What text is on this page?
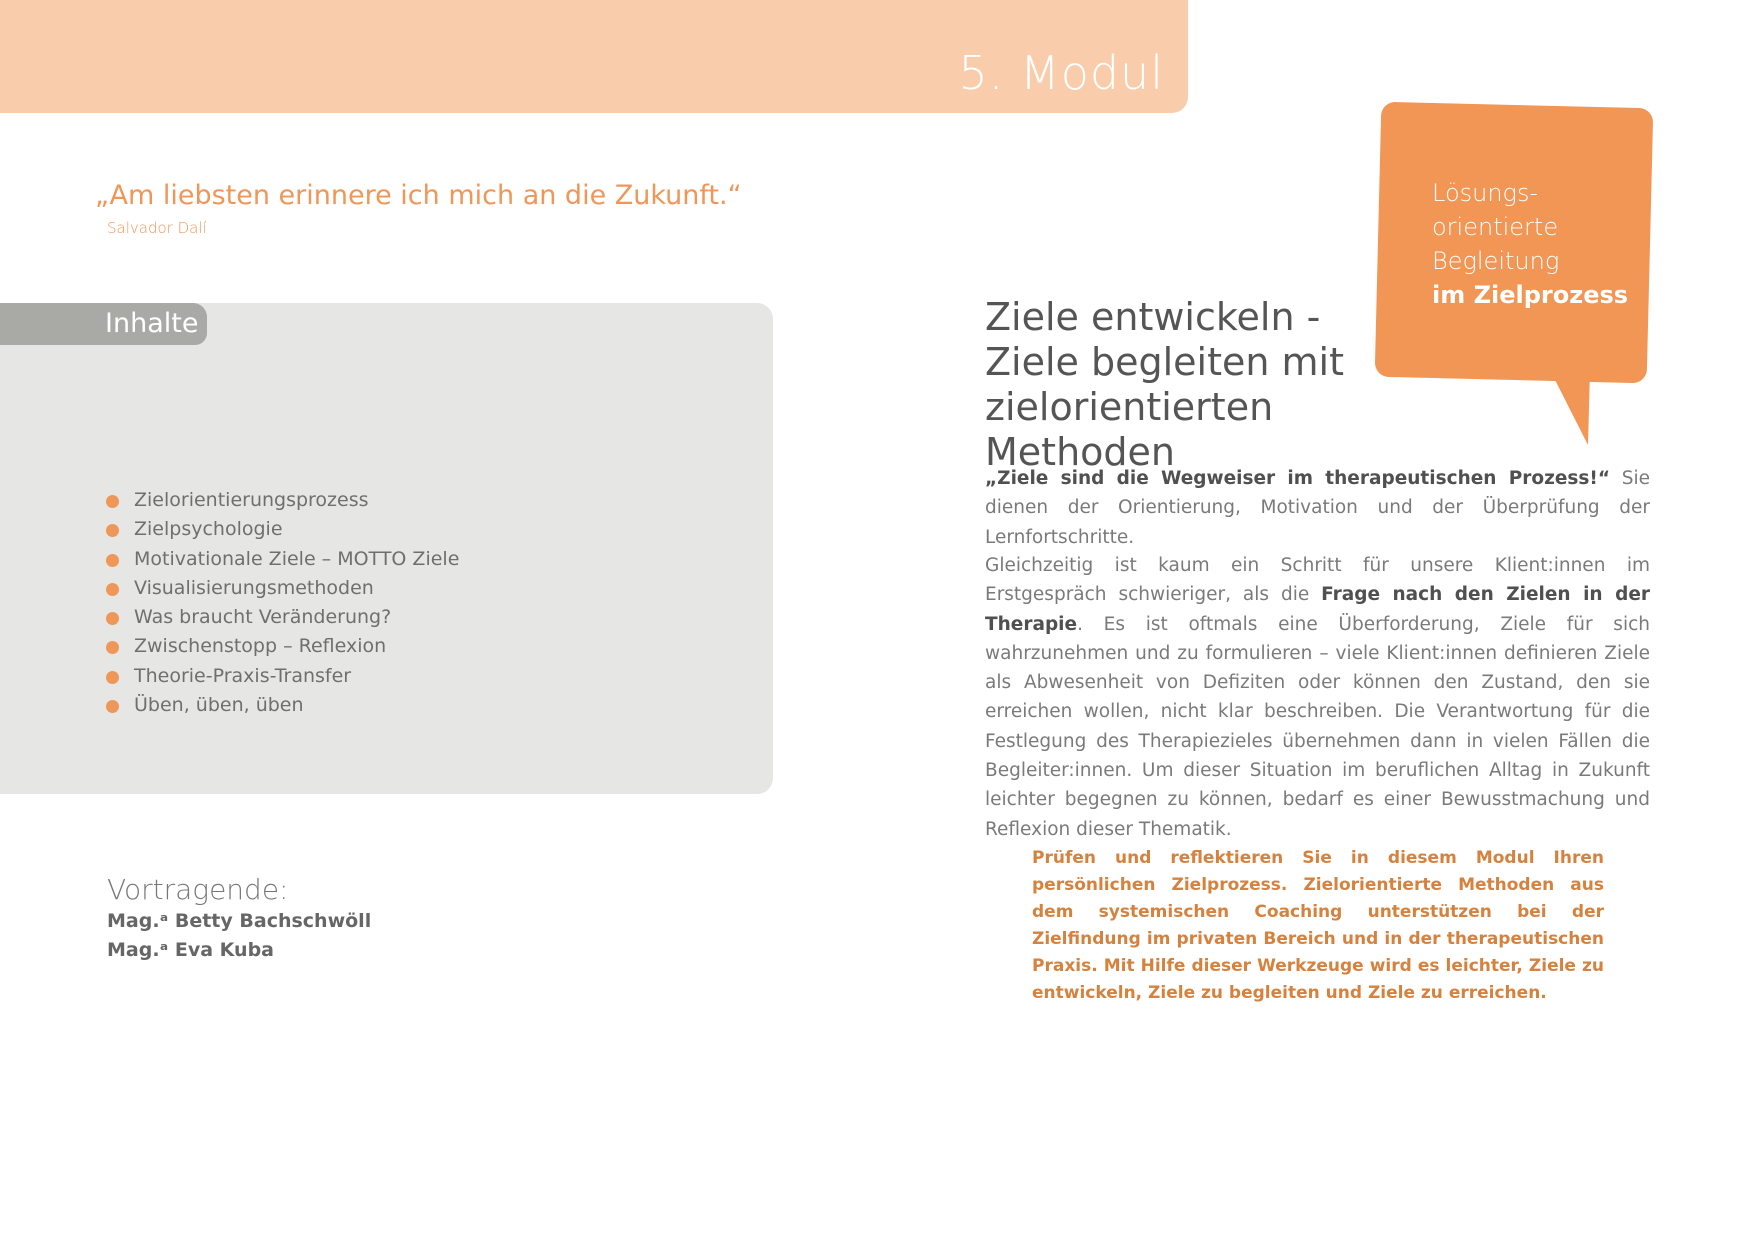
5. Modul
„Am liebsten erinnere ich mich an die Zukunft.“
Salvador Dalí
Inhalte
Zielorientierungsprozess
Zielpsychologie
Motivationale Ziele – MOTTO Ziele
Visualisierungsmethoden
Was braucht Veränderung?
Zwischenstopp – Reflexion
Theorie-Praxis-Transfer
Üben, üben, üben
Vortragende:
Mag.ᵃ Betty Bachschwöll
Mag.ᵃ Eva Kuba
Lösungs-
orientierte
Begleitung
im Zielprozess
Ziele entwickeln -
Ziele begleiten mit
zielorientierten Methoden

„Ziele sind die Wegweiser im therapeutischen Prozess!“ Sie dienen der Orientierung, Motivation und der Überprüfung der Lernfortschritte.

Gleichzeitig ist kaum ein Schritt für unsere Klient:innen im Erstgespräch schwieriger, als die Frage nach den Zielen in der Therapie. Es ist oftmals eine Überforderung, Ziele für sich wahrzunehmen und zu formulieren – viele Klient:innen definieren Ziele als Abwesenheit von Defiziten oder können den Zustand, den sie erreichen wollen, nicht klar beschreiben. Die Verantwortung für die Festlegung des Therapiezieles übernehmen dann in vielen Fällen die Begleiter:innen. Um dieser Situation im beruflichen Alltag in Zukunft leichter begegnen zu können, bedarf es einer Bewusstmachung und Reflexion dieser Thematik.

Prüfen und reflektieren Sie in diesem Modul Ihren persönlichen Zielprozess. Zielorientierte Methoden aus dem systemischen Coaching unterstützen bei der Zielfindung im privaten Bereich und in der therapeutischen Praxis. Mit Hilfe dieser Werkzeuge wird es leichter, Ziele zu entwickeln, Ziele zu begleiten und Ziele zu erreichen.
